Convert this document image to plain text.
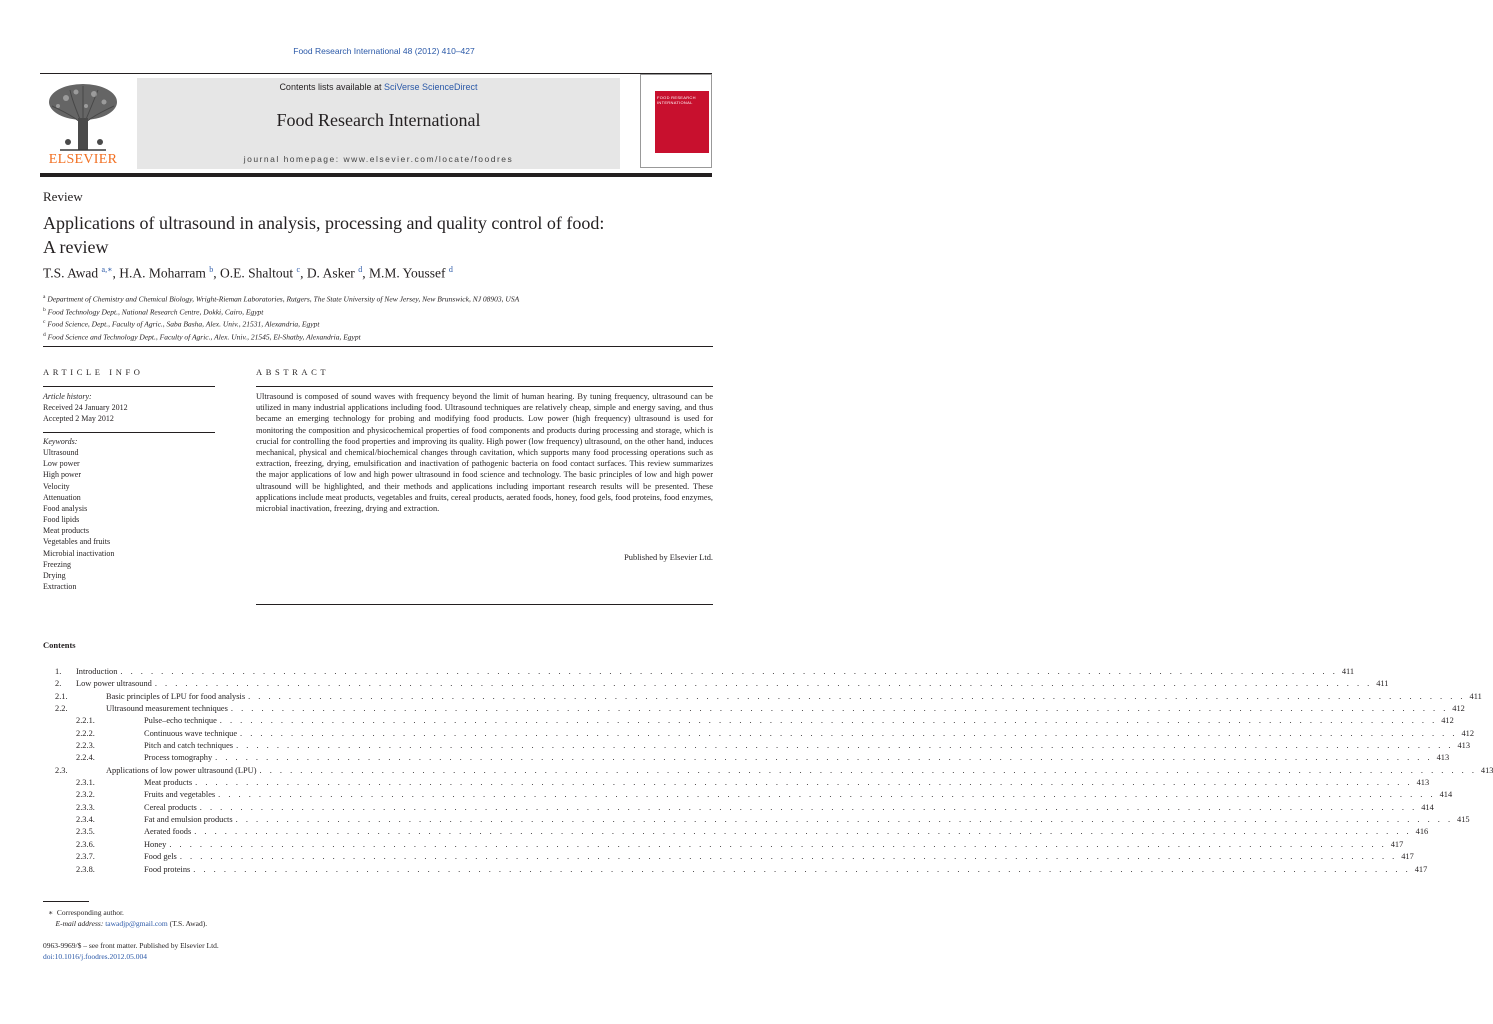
Food Research International 48 (2012) 410–427
ELSEVIER
Contents lists available at SciVerse ScienceDirect
Food Research International
journal homepage: www.elsevier.com/locate/foodres
FOOD RESEARCH
INTERNATIONAL
Review
Applications of ultrasound in analysis, processing and quality control of food:
A review
T.S. Awad $^{a,∗}$, H.A. Moharram $^b$, O.E. Shaltout $^c$, D. Asker $^d$, M.M. Youssef $^d$
$^a$ Department of Chemistry and Chemical Biology, Wright-Rieman Laboratories, Rutgers, The State University of New Jersey, New Brunswick, NJ 08903, USA
$^b$ Food Technology Dept., National Research Centre, Dokki, Cairo, Egypt
$^c$ Food Science, Dept., Faculty of Agric., Saba Basha, Alex. Univ., 21531, Alexandria, Egypt
$^d$ Food Science and Technology Dept., Faculty of Agric., Alex. Univ., 21545, El-Shatby, Alexandria, Egypt
ARTICLE INFO	ABSTRACT
Article history:
Received 24 January 2012
Accepted 2 May 2012
Keywords:
Ultrasound
Low power
High power
Velocity
Attenuation
Food analysis
Food lipids
Meat products
Vegetables and fruits
Microbial inactivation
Freezing
Drying
Extraction
Ultrasound is composed of sound waves with frequency beyond the limit of human hearing. By tuning frequency, ultrasound can be utilized in many industrial applications including food. Ultrasound techniques are relatively cheap, simple and energy saving, and thus became an emerging technology for probing and modifying food products. Low power (high frequency) ultrasound is used for monitoring the composition and physicochemical properties of food components and products during processing and storage, which is crucial for controlling the food properties and improving its quality. High power (low frequency) ultrasound, on the other hand, induces mechanical, physical and chemical/biochemical changes through cavitation, which supports many food processing operations such as extraction, freezing, drying, emulsification and inactivation of pathogenic bacteria on food contact surfaces. This review summarizes the major applications of low and high power ultrasound in food science and technology. The basic principles of low and high power ultrasound will be highlighted, and their methods and applications including important research results will be presented. These applications include meat products, vegetables and fruits, cereal products, aerated foods, honey, food gels, food proteins, food enzymes, microbial inactivation, freezing, drying and extraction.
Published by Elsevier Ltd.
Contents
1.	Introduction . . . . . . . . . . . . . . . . . . . . . . . . . . . . . . . . . . . . . . . . . . . . . . . . . . . . . . . . . . . . . . . . . . . . . . . . . . . . . . . . . . . . . . . . . . . . . . . . . . . . . . . . . . . . . . . . . . . . . . . . 411
2.	Low power ultrasound . . . . . . . . . . . . . . . . . . . . . . . . . . . . . . . . . . . . . . . . . . . . . . . . . . . . . . . . . . . . . . . . . . . . . . . . . . . . . . . . . . . . . . . . . . . . . . . . . . . . . . . . . . . . . . . . . . . . . . . . 411
2.1.	Basic principles of LPU for food analysis . . . . . . . . . . . . . . . . . . . . . . . . . . . . . . . . . . . . . . . . . . . . . . . . . . . . . . . . . . . . . . . . . . . . . . . . . . . . . . . . . . . . . . . . . . . . . . . . . . . . . . . . . . . . . . . . . . . . . . . . 411
2.2.	Ultrasound measurement techniques . . . . . . . . . . . . . . . . . . . . . . . . . . . . . . . . . . . . . . . . . . . . . . . . . . . . . . . . . . . . . . . . . . . . . . . . . . . . . . . . . . . . . . . . . . . . . . . . . . . . . . . . . . . . . . . . . . . . . . . . 412
2.2.1.	Pulse–echo technique . . . . . . . . . . . . . . . . . . . . . . . . . . . . . . . . . . . . . . . . . . . . . . . . . . . . . . . . . . . . . . . . . . . . . . . . . . . . . . . . . . . . . . . . . . . . . . . . . . . . . . . . . . . . . . . . . . . . . . . . 412
2.2.2.	Continuous wave technique . . . . . . . . . . . . . . . . . . . . . . . . . . . . . . . . . . . . . . . . . . . . . . . . . . . . . . . . . . . . . . . . . . . . . . . . . . . . . . . . . . . . . . . . . . . . . . . . . . . . . . . . . . . . . . . . . . . . . . . . 412
2.2.3.	Pitch and catch techniques . . . . . . . . . . . . . . . . . . . . . . . . . . . . . . . . . . . . . . . . . . . . . . . . . . . . . . . . . . . . . . . . . . . . . . . . . . . . . . . . . . . . . . . . . . . . . . . . . . . . . . . . . . . . . . . . . . . . . . . . 413
2.2.4.	Process tomography . . . . . . . . . . . . . . . . . . . . . . . . . . . . . . . . . . . . . . . . . . . . . . . . . . . . . . . . . . . . . . . . . . . . . . . . . . . . . . . . . . . . . . . . . . . . . . . . . . . . . . . . . . . . . . . . . . . . . . . . 413
2.3.	Applications of low power ultrasound (LPU) . . . . . . . . . . . . . . . . . . . . . . . . . . . . . . . . . . . . . . . . . . . . . . . . . . . . . . . . . . . . . . . . . . . . . . . . . . . . . . . . . . . . . . . . . . . . . . . . . . . . . . . . . . . . . . . . . . . . . . . . 413
2.3.1.	Meat products . . . . . . . . . . . . . . . . . . . . . . . . . . . . . . . . . . . . . . . . . . . . . . . . . . . . . . . . . . . . . . . . . . . . . . . . . . . . . . . . . . . . . . . . . . . . . . . . . . . . . . . . . . . . . . . . . . . . . . . . 413
2.3.2.	Fruits and vegetables . . . . . . . . . . . . . . . . . . . . . . . . . . . . . . . . . . . . . . . . . . . . . . . . . . . . . . . . . . . . . . . . . . . . . . . . . . . . . . . . . . . . . . . . . . . . . . . . . . . . . . . . . . . . . . . . . . . . . . . . 414
2.3.3.	Cereal products . . . . . . . . . . . . . . . . . . . . . . . . . . . . . . . . . . . . . . . . . . . . . . . . . . . . . . . . . . . . . . . . . . . . . . . . . . . . . . . . . . . . . . . . . . . . . . . . . . . . . . . . . . . . . . . . . . . . . . . . 414
2.3.4.	Fat and emulsion products . . . . . . . . . . . . . . . . . . . . . . . . . . . . . . . . . . . . . . . . . . . . . . . . . . . . . . . . . . . . . . . . . . . . . . . . . . . . . . . . . . . . . . . . . . . . . . . . . . . . . . . . . . . . . . . . . . . . . . . . 415
2.3.5.	Aerated foods . . . . . . . . . . . . . . . . . . . . . . . . . . . . . . . . . . . . . . . . . . . . . . . . . . . . . . . . . . . . . . . . . . . . . . . . . . . . . . . . . . . . . . . . . . . . . . . . . . . . . . . . . . . . . . . . . . . . . . . . 416
2.3.6.	Honey . . . . . . . . . . . . . . . . . . . . . . . . . . . . . . . . . . . . . . . . . . . . . . . . . . . . . . . . . . . . . . . . . . . . . . . . . . . . . . . . . . . . . . . . . . . . . . . . . . . . . . . . . . . . . . . . . . . . . . . . 417
2.3.7.	Food gels . . . . . . . . . . . . . . . . . . . . . . . . . . . . . . . . . . . . . . . . . . . . . . . . . . . . . . . . . . . . . . . . . . . . . . . . . . . . . . . . . . . . . . . . . . . . . . . . . . . . . . . . . . . . . . . . . . . . . . . . 417
2.3.8.	Food proteins . . . . . . . . . . . . . . . . . . . . . . . . . . . . . . . . . . . . . . . . . . . . . . . . . . . . . . . . . . . . . . . . . . . . . . . . . . . . . . . . . . . . . . . . . . . . . . . . . . . . . . . . . . . . . . . . . . . . . . . . 417
∗ Corresponding author.
E-mail address: tawadjp@gmail.com (T.S. Awad).
0963-9969/$ – see front matter. Published by Elsevier Ltd.
doi:10.1016/j.foodres.2012.05.004
